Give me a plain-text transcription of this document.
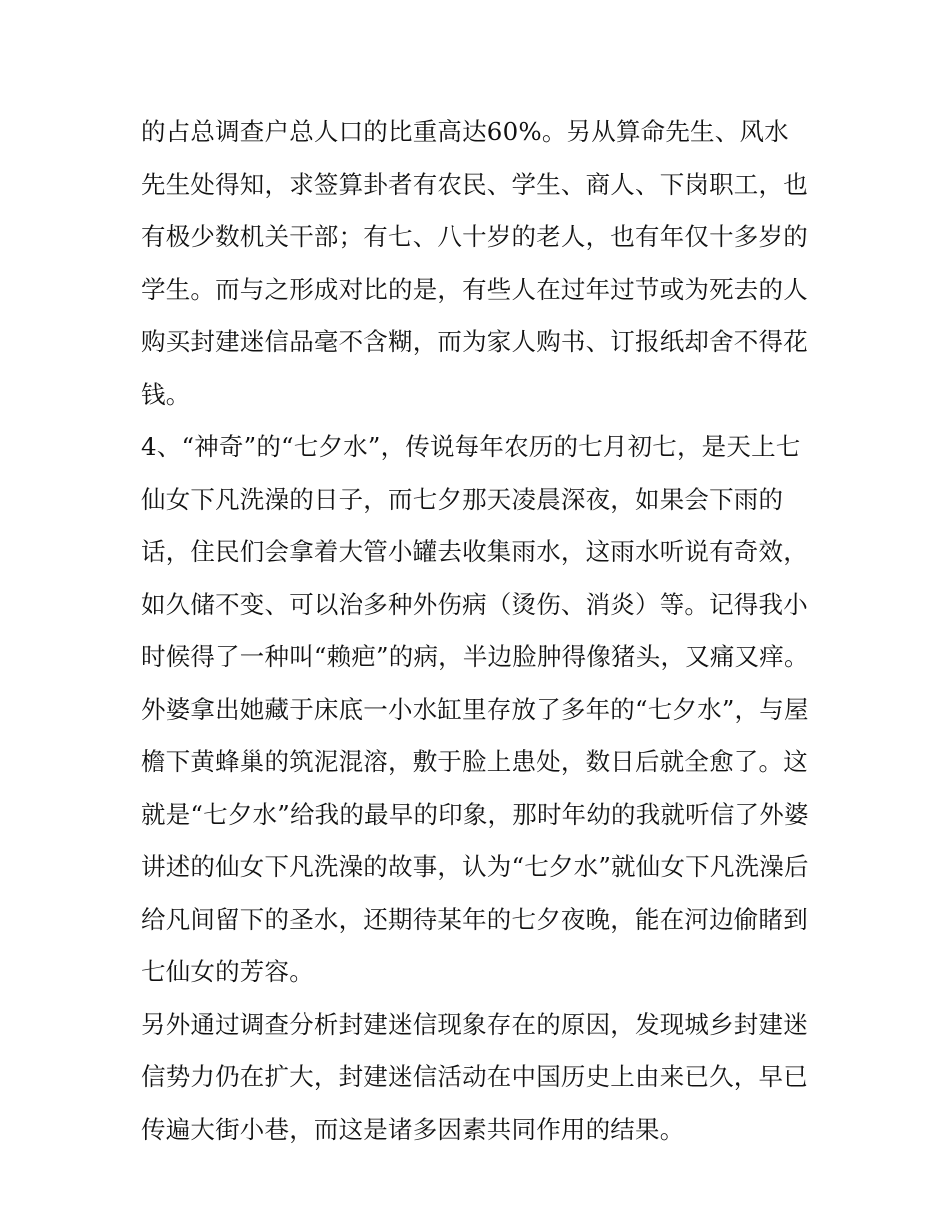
的占总调查户总人口的比重高达60%。另从算命先生、风水
先生处得知，求签算卦者有农民、学生、商人、下岗职工，也
有极少数机关干部；有七、八十岁的老人，也有年仅十多岁的
学生。而与之形成对比的是，有些人在过年过节或为死去的人
购买封建迷信品毫不含糊，而为家人购书、订报纸却舍不得花
钱。
4、“神奇”的“七夕水”，传说每年农历的七月初七，是天上七
仙女下凡洗澡的日子，而七夕那天凌晨深夜，如果会下雨的
话，住民们会拿着大管小罐去收集雨水，这雨水听说有奇效，
如久储不变、可以治多种外伤病（烫伤、消炎）等。记得我小
时候得了一种叫“赖疤”的病，半边脸肿得像猪头，又痛又痒。
外婆拿出她藏于床底一小水缸里存放了多年的“七夕水”，与屋
檐下黄蜂巢的筑泥混溶，敷于脸上患处，数日后就全愈了。这
就是“七夕水”给我的最早的印象，那时年幼的我就听信了外婆
讲述的仙女下凡洗澡的故事，认为“七夕水”就仙女下凡洗澡后
给凡间留下的圣水，还期待某年的七夕夜晚，能在河边偷睹到
七仙女的芳容。
另外通过调查分析封建迷信现象存在的原因，发现城乡封建迷
信势力仍在扩大，封建迷信活动在中国历史上由来已久，早已
传遍大街小巷，而这是诸多因素共同作用的结果。
